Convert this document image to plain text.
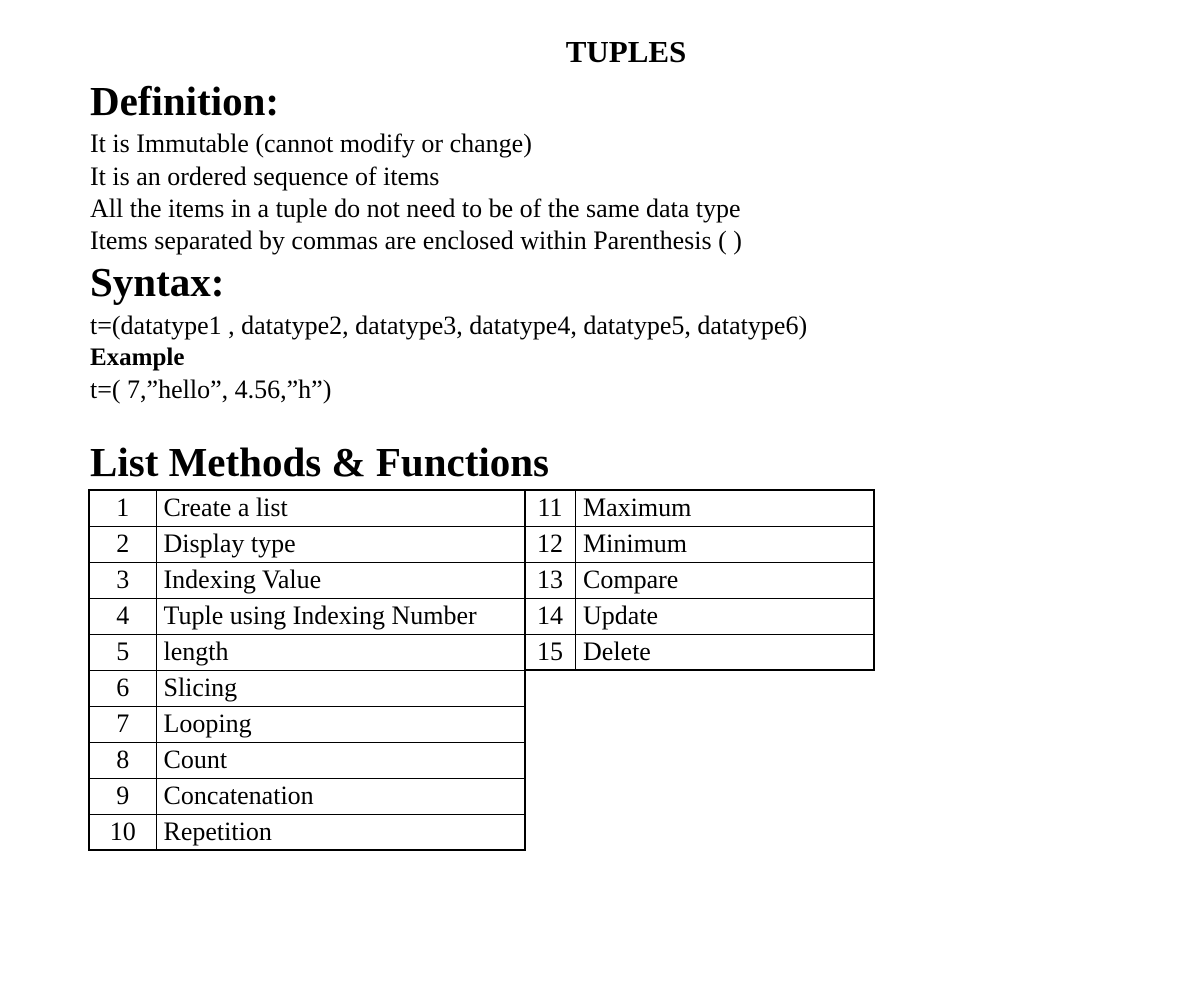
TUPLES
Definition:

It is Immutable (cannot modify or change)

It is an ordered sequence of items

All the items in a tuple do not need to be of the same data type

Items separated by commas are enclosed within Parenthesis ( )

Syntax:

t=(datatype1 , datatype2, datatype3, datatype4, datatype5, datatype6)

Example

t=( 7,”hello”, 4.56,”h”)

List Methods & Functions
1	Create a list
2	Display type
3	Indexing Value
4	Tuple using Indexing Number
5	length
6	Slicing
7	Looping
8	Count
9	Concatenation
10	Repetition
11	Maximum
12	Minimum
13	Compare
14	Update
15	Delete
